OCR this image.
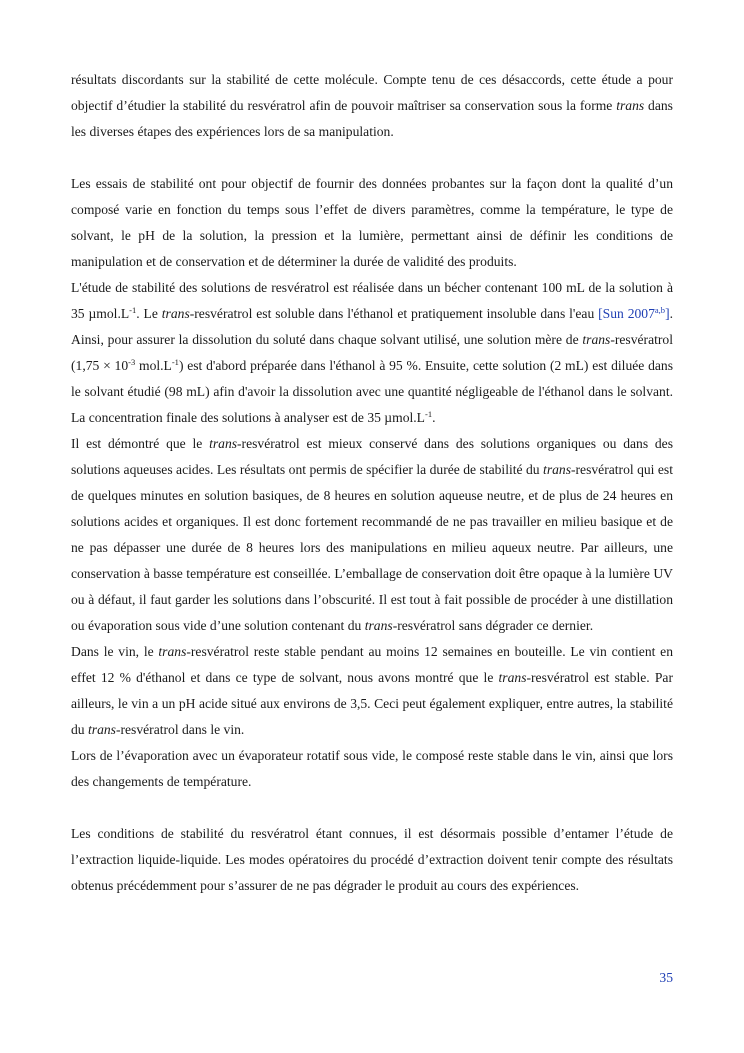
résultats discordants sur la stabilité de cette molécule. Compte tenu de ces désaccords, cette étude a pour objectif d’étudier la stabilité du resvératrol afin de pouvoir maîtriser sa conservation sous la forme trans dans les diverses étapes des expériences lors de sa manipulation.

Les essais de stabilité ont pour objectif de fournir des données probantes sur la façon dont la qualité d’un composé varie en fonction du temps sous l’effet de divers paramètres, comme la température, le type de solvant, le pH de la solution, la pression et la lumière, permettant ainsi de définir les conditions de manipulation et de conservation et de déterminer la durée de validité des produits.

L'étude de stabilité des solutions de resvératrol est réalisée dans un bécher contenant 100 mL de la solution à 35 $\mu mol.L^{-1}$. Le trans-resvératrol est soluble dans l'éthanol et pratiquement insoluble dans l'eau [Sun 2007$^{a,b}$]. Ainsi, pour assurer la dissolution du soluté dans chaque solvant utilisé, une solution mère de trans-resvératrol ($1,75 \times 10^{-3}$ $mol.L^{-1}$) est d'abord préparée dans l'éthanol à 95 %. Ensuite, cette solution (2 mL) est diluée dans le solvant étudié (98 mL) afin d'avoir la dissolution avec une quantité négligeable de l'éthanol dans le solvant. La concentration finale des solutions à analyser est de 35 $\mu mol.L^{-1}$.

Il est démontré que le trans-resvératrol est mieux conservé dans des solutions organiques ou dans des solutions aqueuses acides. Les résultats ont permis de spécifier la durée de stabilité du trans-resvératrol qui est de quelques minutes en solution basiques, de 8 heures en solution aqueuse neutre, et de plus de 24 heures en solutions acides et organiques. Il est donc fortement recommandé de ne pas travailler en milieu basique et de ne pas dépasser une durée de 8 heures lors des manipulations en milieu aqueux neutre. Par ailleurs, une conservation à basse température est conseillée. L’emballage de conservation doit être opaque à la lumière UV ou à défaut, il faut garder les solutions dans l’obscurité. Il est tout à fait possible de procéder à une distillation ou évaporation sous vide d’une solution contenant du trans-resvératrol sans dégrader ce dernier.

Dans le vin, le trans-resvératrol reste stable pendant au moins 12 semaines en bouteille. Le vin contient en effet 12 % d'éthanol et dans ce type de solvant, nous avons montré que le trans-resvératrol est stable. Par ailleurs, le vin a un pH acide situé aux environs de 3,5. Ceci peut également expliquer, entre autres, la stabilité du trans-resvératrol dans le vin.

Lors de l’évaporation avec un évaporateur rotatif sous vide, le composé reste stable dans le vin, ainsi que lors des changements de température.

Les conditions de stabilité du resvératrol étant connues, il est désormais possible d’entamer l’étude de l’extraction liquide-liquide. Les modes opératoires du procédé d’extraction doivent tenir compte des résultats obtenus précédemment pour s’assurer de ne pas dégrader le produit au cours des expériences.

35
